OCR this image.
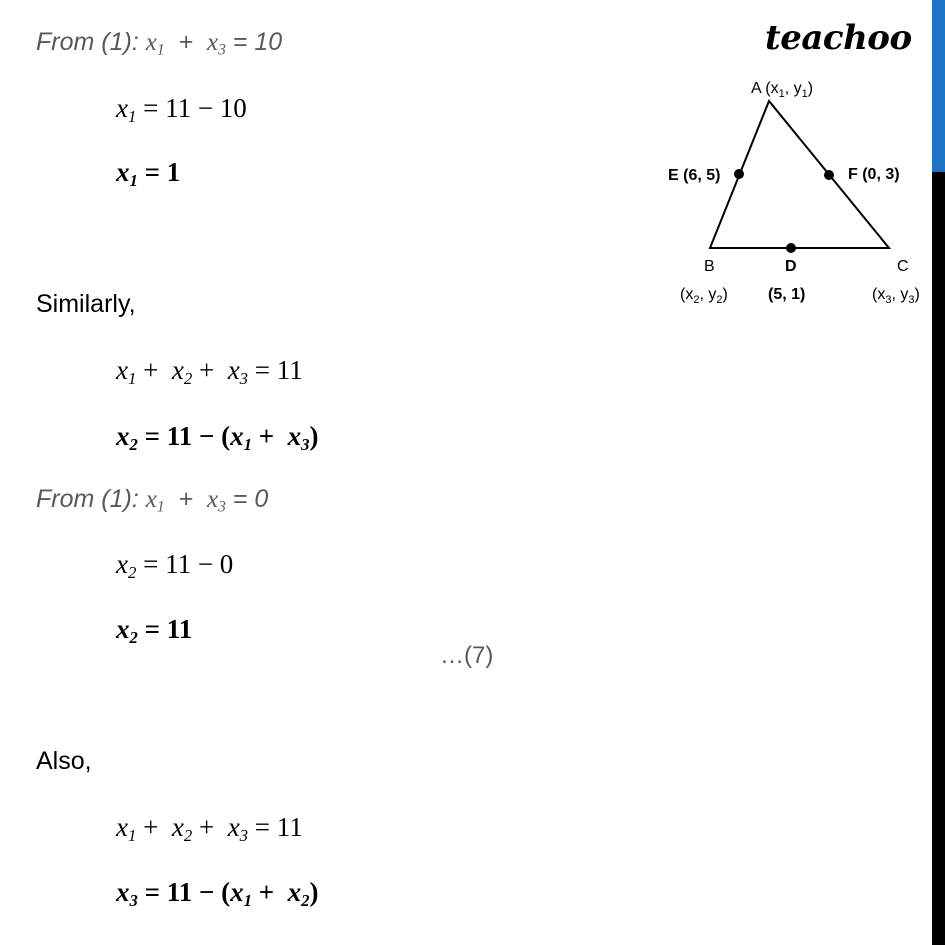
teachoo
From (1): $x_1 + x_3 = 10$
$x_1 = 11 - 10$
$x_1 = 1$
Similarly,
$x_1 + x_2 + x_3 = 11$
$x_2 = 11 - (x_1 + x_3)$
From (1): $x_1 + x_3 = 0$
$x_2 = 11 - 0$
$x_2 = 11$
Also,
$x_1 + x_2 + x_3 = 11$
$x_3 = 11 - (x_1 + x_2)$
…(7)
A ($x_1$, $y_1$)
E (6, 5)	F (0, 3)
B	D	C
($x_2$, $y_2$)	(5, 1)	($x_3$, $y_3$)
